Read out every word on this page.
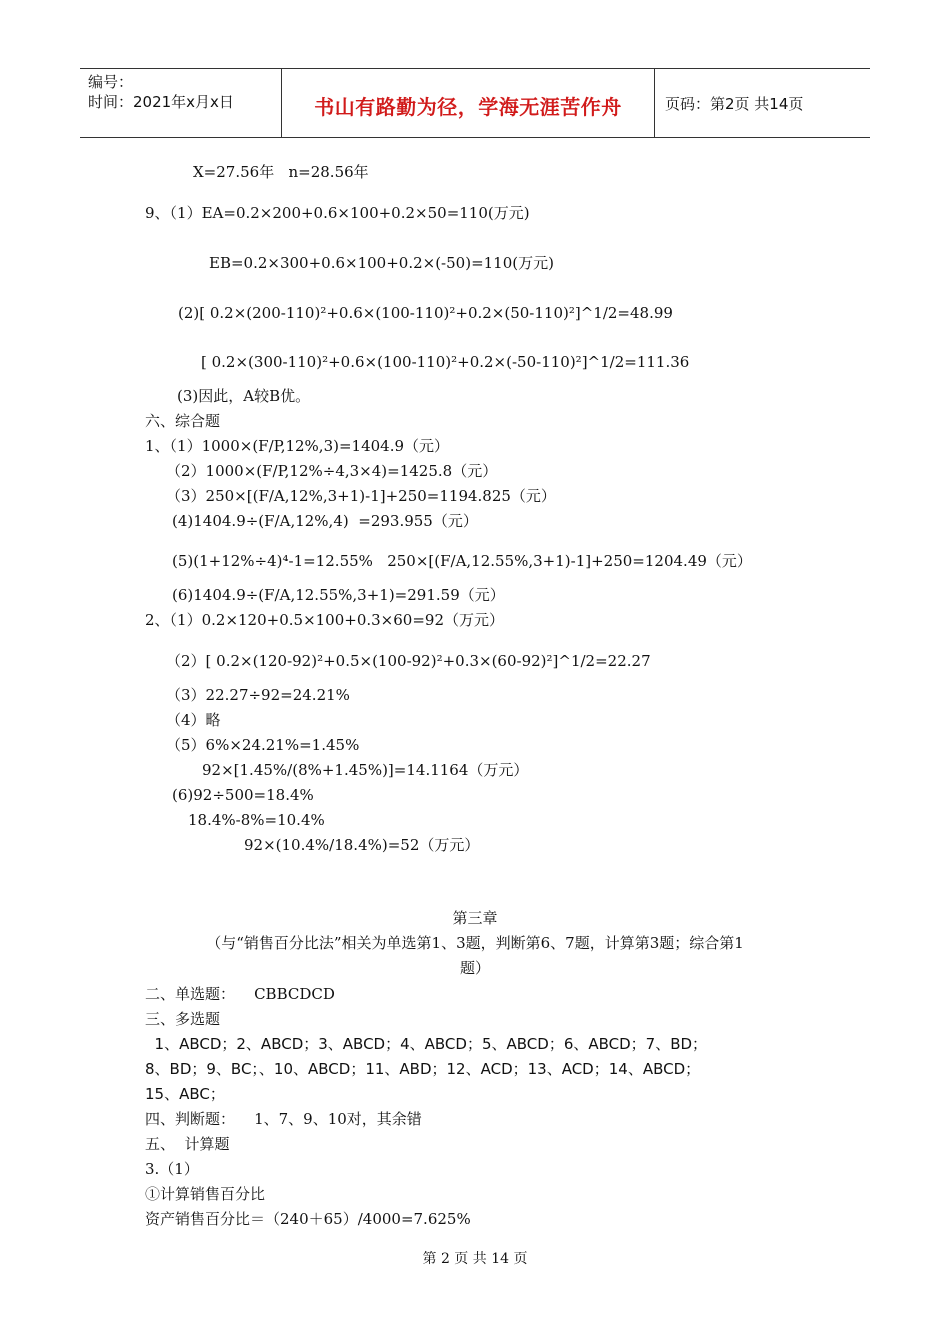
编号：
时间：2021年x月x日	书山有路勤为径，学海无涯苦作舟	页码：第2页 共14页
X=27.56年   n=28.56年
9、（1）EA=0.2×200+0.6×100+0.2×50=110(万元)
EB=0.2×300+0.6×100+0.2×(-50)=110(万元)
(2)[ 0.2×(200-110)²+0.6×(100-110)²+0.2×(50-110)²]^1/2=48.99
[ 0.2×(300-110)²+0.6×(100-110)²+0.2×(-50-110)²]^1/2=111.36
(3)因此，A较B优。
六、综合题
1、（1）1000×(F/P,12%,3)=1404.9（元）
（2）1000×(F/P,12%÷4,3×4)=1425.8（元）
（3）250×[(F/A,12%,3+1)-1]+250=1194.825（元）
(4)1404.9÷(F/A,12%,4)  =293.955（元）
(5)(1+12%÷4)⁴-1=12.55%   250×[(F/A,12.55%,3+1)-1]+250=1204.49（元）
(6)1404.9÷(F/A,12.55%,3+1)=291.59（元）
2、（1）0.2×120+0.5×100+0.3×60=92（万元）
（2）[ 0.2×(120-92)²+0.5×(100-92)²+0.3×(60-92)²]^1/2=22.27
（3）22.27÷92=24.21%
（4）略
（5）6%×24.21%=1.45%
92×[1.45%/(8%+1.45%)]=14.1164（万元）
(6)92÷500=18.4%
18.4%-8%=10.4%
92×(10.4%/18.4%)=52（万元）
第三章
（与“销售百分比法”相关为单选第1、3题，判断第6、7题，计算第3题；综合第1
题）
二、单选题：    CBBCDCD
三、多选题
1、ABCD；2、ABCD；3、ABCD；4、ABCD；5、ABCD；6、ABCD；7、BD；
8、BD；9、BC；、10、ABCD；11、ABD；12、ACD；13、ACD；14、ABCD；
15、ABC；
四、判断题：    1、7、9、10对，其余错
五、  计算题
3.（1）
①计算销售百分比
资产销售百分比＝（240＋65）/4000=7.625%
第 2 页 共 14 页
